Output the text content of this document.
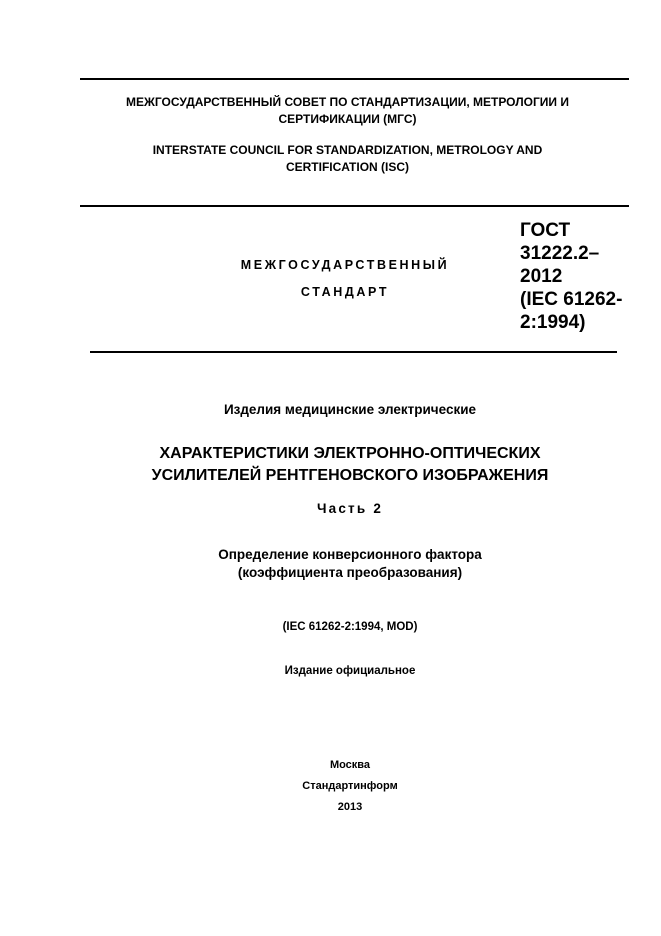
МЕЖГОСУДАРСТВЕННЫЙ СОВЕТ ПО СТАНДАРТИЗАЦИИ, МЕТРОЛОГИИ И
СЕРТИФИКАЦИИ (МГС)
INTERSTATE COUNCIL FOR STANDARDIZATION, METROLOGY AND
CERTIFICATION (ISC)
МЕЖГОСУДАРСТВЕННЫЙ
СТАНДАРТ
ГОСТ
31222.2–
2012
(IEC 61262-
2:1994)
Изделия медицинские электрические
ХАРАКТЕРИСТИКИ ЭЛЕКТРОННО-ОПТИЧЕСКИХ
УСИЛИТЕЛЕЙ РЕНТГЕНОВСКОГО ИЗОБРАЖЕНИЯ
Часть 2
Определение конверсионного фактора
(коэффициента преобразования)
(IEC 61262-2:1994, MOD)
Издание официальное
Москва
Стандартинформ
2013
